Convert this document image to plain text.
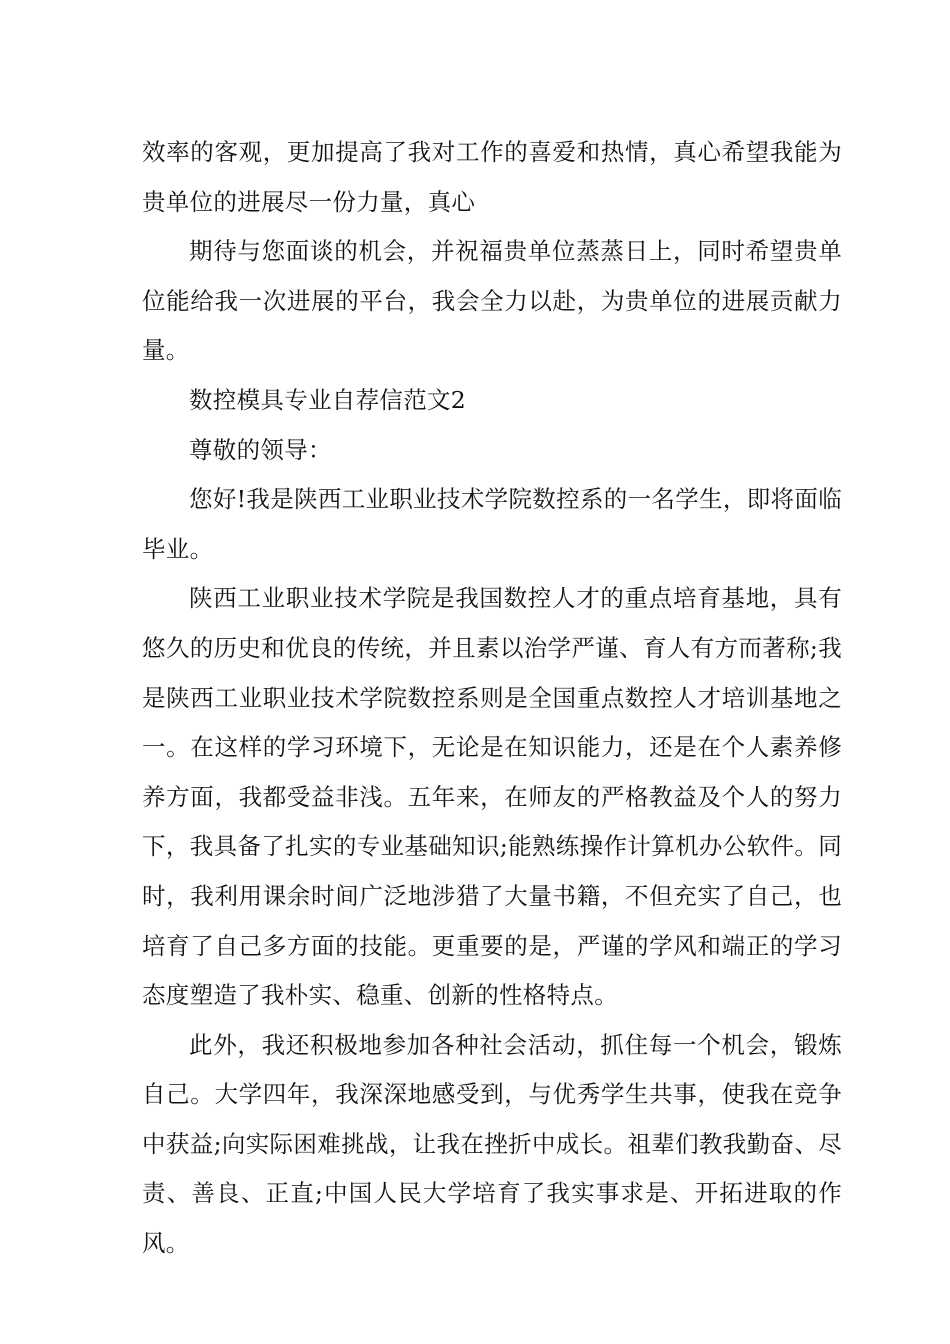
效率的客观，更加提高了我对工作的喜爱和热情，真心希望我能为贵单位的进展尽一份力量，真心

期待与您面谈的机会，并祝福贵单位蒸蒸日上，同时希望贵单位能给我一次进展的平台，我会全力以赴，为贵单位的进展贡献力量。

数控模具专业自荐信范文2

尊敬的领导：

您好!我是陕西工业职业技术学院数控系的一名学生，即将面临毕业。

陕西工业职业技术学院是我国数控人才的重点培育基地，具有悠久的历史和优良的传统，并且素以治学严谨、育人有方而著称;我是陕西工业职业技术学院数控系则是全国重点数控人才培训基地之一。在这样的学习环境下，无论是在知识能力，还是在个人素养修养方面，我都受益非浅。五年来，在师友的严格教益及个人的努力下，我具备了扎实的专业基础知识;能熟练操作计算机办公软件。同时，我利用课余时间广泛地涉猎了大量书籍，不但充实了自己，也培育了自己多方面的技能。更重要的是，严谨的学风和端正的学习态度塑造了我朴实、稳重、创新的性格特点。

此外，我还积极地参加各种社会活动，抓住每一个机会，锻炼自己。大学四年，我深深地感受到，与优秀学生共事，使我在竞争中获益;向实际困难挑战，让我在挫折中成长。祖辈们教我勤奋、尽责、善良、正直;中国人民大学培育了我实事求是、开拓进取的作风。
